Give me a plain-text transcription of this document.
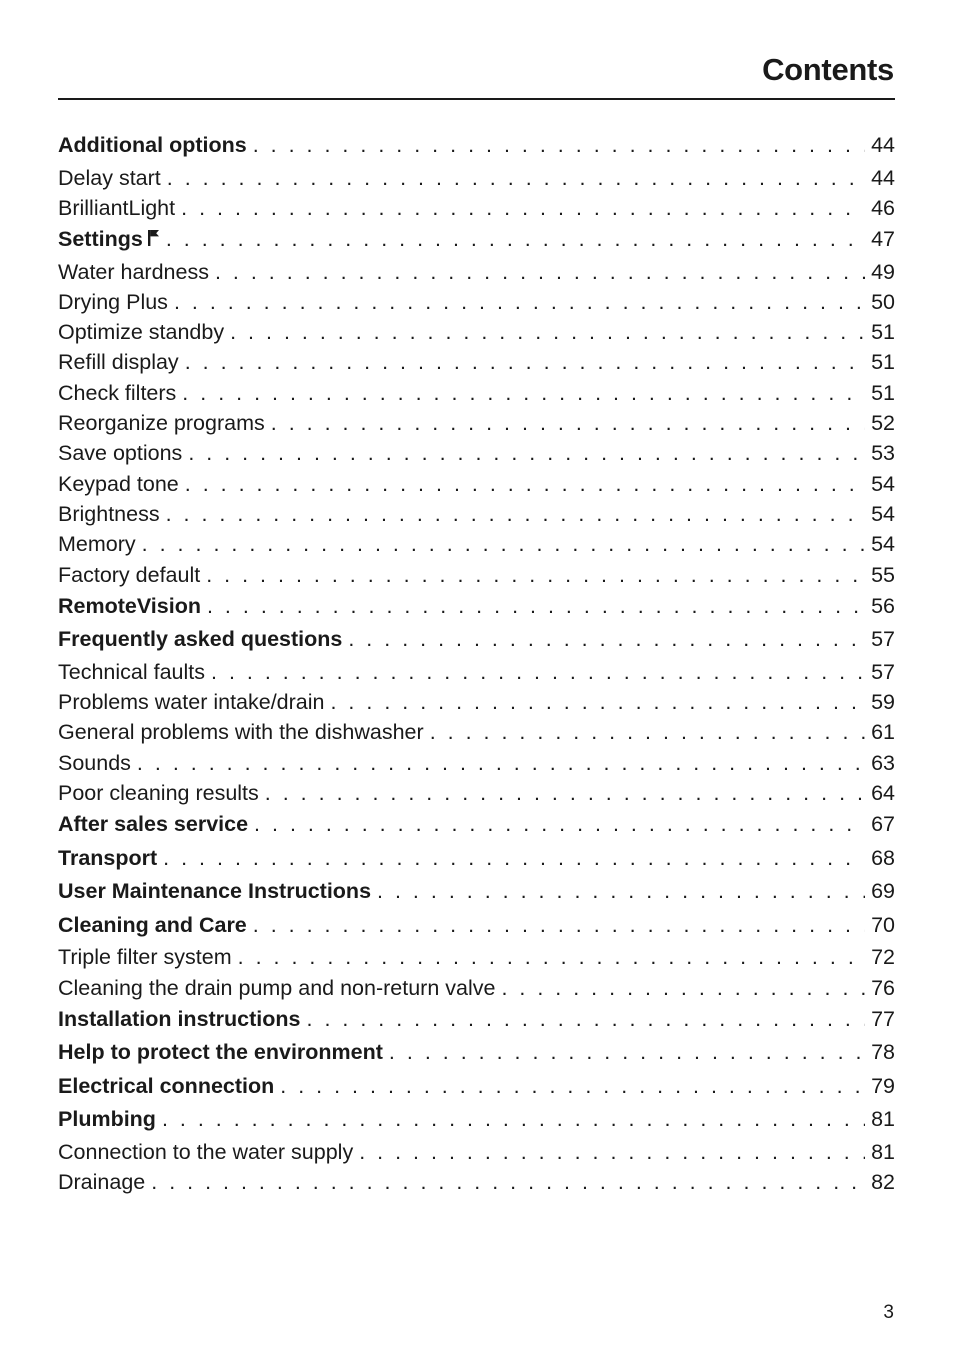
Contents
Additional options . . .	44
Delay start . . .	44
BrilliantLight . . .	46
Settings . . .	47
Water hardness . . .	49
Drying Plus . . .	50
Optimize standby . . .	51
Refill display . . .	51
Check filters . . .	51
Reorganize programs . . .	52
Save options . . .	53
Keypad tone . . .	54
Brightness . . .	54
Memory . . .	54
Factory default . . .	55
RemoteVision . . .	56
Frequently asked questions . . .	57
Technical faults . . .	57
Problems water intake/drain . . .	59
General problems with the dishwasher . . .	61
Sounds . . .	63
Poor cleaning results . . .	64
After sales service . . .	67
Transport . . .	68
User Maintenance Instructions . . .	69
Cleaning and Care . . .	70
Triple filter system . . .	72
Cleaning the drain pump and non-return valve . . .	76
Installation instructions . . .	77
Help to protect the environment . . .	78
Electrical connection . . .	79
Plumbing . . .	81
Connection to the water supply . . .	81
Drainage . . .	82

3
